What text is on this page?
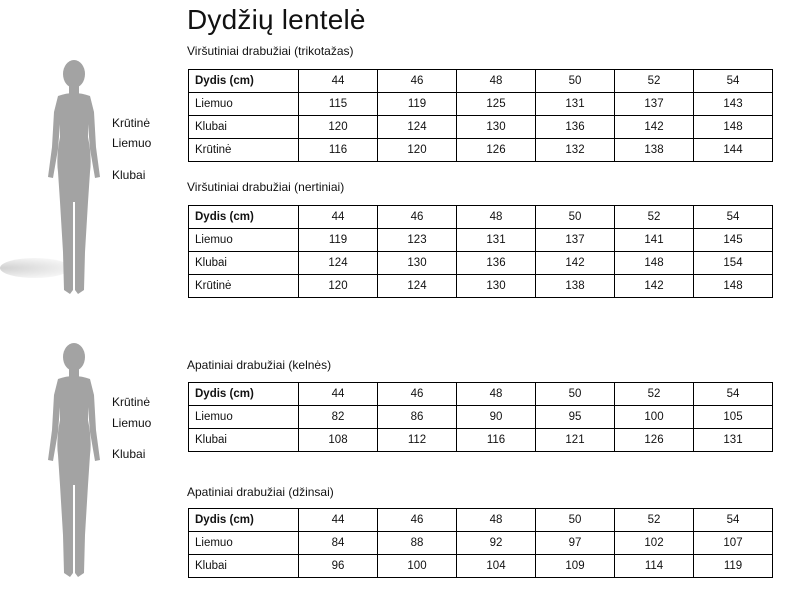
Dydžių lentelė
Krūtinė
Liemuo
Klubai
Krūtinė
Liemuo
Klubai
Viršutiniai drabužiai (trikotažas)
Dydis (cm)	44	46	48	50	52	54
Liemuo	115	119	125	131	137	143
Klubai	120	124	130	136	142	148
Krūtinė	116	120	126	132	138	144
Viršutiniai drabužiai (nertiniai)
Dydis (cm)	44	46	48	50	52	54
Liemuo	119	123	131	137	141	145
Klubai	124	130	136	142	148	154
Krūtinė	120	124	130	138	142	148
Apatiniai drabužiai (kelnės)
Dydis (cm)	44	46	48	50	52	54
Liemuo	82	86	90	95	100	105
Klubai	108	112	116	121	126	131
Apatiniai drabužiai (džinsai)
Dydis (cm)	44	46	48	50	52	54
Liemuo	84	88	92	97	102	107
Klubai	96	100	104	109	114	119
